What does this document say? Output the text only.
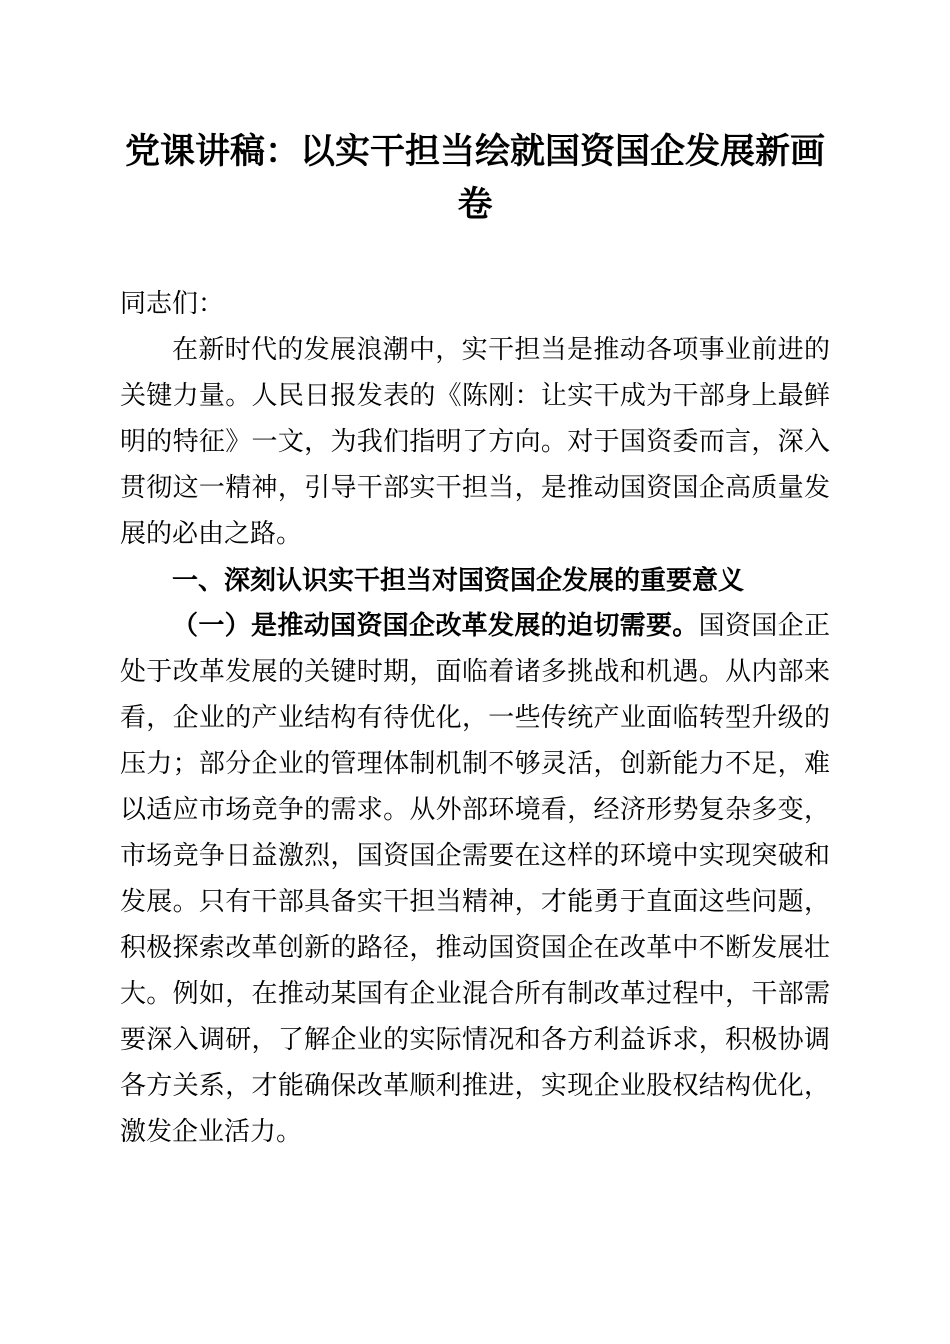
党课讲稿：以实干担当绘就国资国企发展新画卷

同志们：

在新时代的发展浪潮中，实干担当是推动各项事业前进的关键力量。人民日报发表的《陈刚：让实干成为干部身上最鲜明的特征》一文，为我们指明了方向。对于国资委而言，深入贯彻这一精神，引导干部实干担当，是推动国资国企高质量发展的必由之路。

一、深刻认识实干担当对国资国企发展的重要意义

（一）是推动国资国企改革发展的迫切需要。国资国企正处于改革发展的关键时期，面临着诸多挑战和机遇。从内部来看，企业的产业结构有待优化，一些传统产业面临转型升级的压力；部分企业的管理体制机制不够灵活，创新能力不足，难以适应市场竞争的需求。从外部环境看，经济形势复杂多变，市场竞争日益激烈，国资国企需要在这样的环境中实现突破和发展。只有干部具备实干担当精神，才能勇于直面这些问题，积极探索改革创新的路径，推动国资国企在改革中不断发展壮大。例如，在推动某国有企业混合所有制改革过程中，干部需要深入调研，了解企业的实际情况和各方利益诉求，积极协调各方关系，才能确保改革顺利推进，实现企业股权结构优化，激发企业活力。
